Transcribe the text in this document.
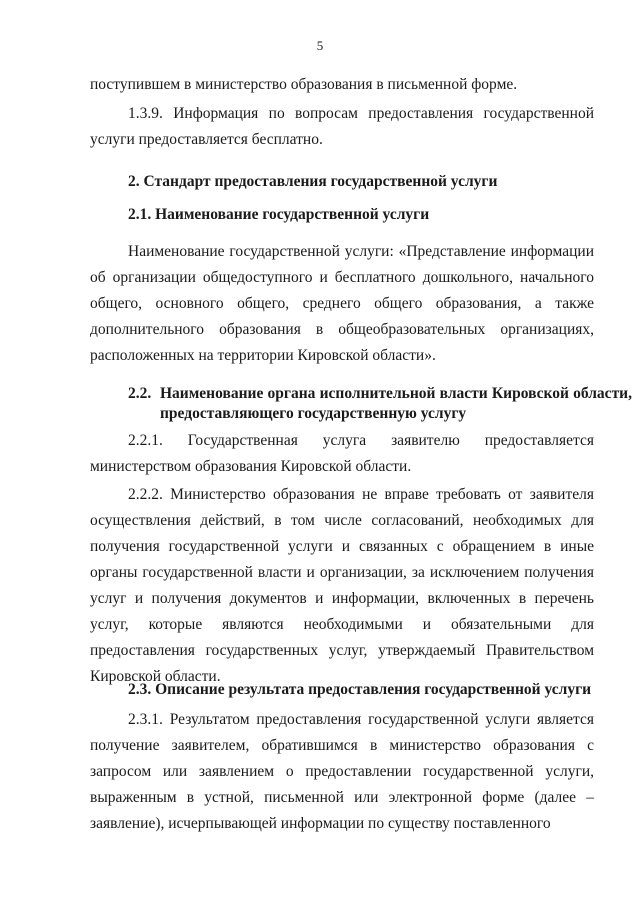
5

поступившем в министерство образования в письменной форме.

1.3.9. Информация по вопросам предоставления государственной услуги предоставляется бесплатно.

2. Стандарт предоставления государственной услуги

2.1. Наименование государственной услуги

Наименование государственной услуги: «Представление информации об организации общедоступного и бесплатного дошкольного, начального общего, основного общего, среднего общего образования, а также дополнительного образования в общеобразовательных организациях, расположенных на территории Кировской области».

2.2. Наименование органа исполнительной власти Кировской области, предоставляющего государственную услугу

2.2.1. Государственная услуга заявителю предоставляется министерством образования Кировской области.

2.2.2. Министерство образования не вправе требовать от заявителя осуществления действий, в том числе согласований, необходимых для получения государственной услуги и связанных с обращением в иные органы государственной власти и организации, за исключением получения услуг и получения документов и информации, включенных в перечень услуг, которые являются необходимыми и обязательными для предоставления государственных услуг, утверждаемый Правительством Кировской области.

2.3. Описание результата предоставления государственной услуги

2.3.1. Результатом предоставления государственной услуги является получение заявителем, обратившимся в министерство образования с запросом или заявлением о предоставлении государственной услуги, выраженным в устной, письменной или электронной форме (далее – заявление), исчерпывающей информации по существу поставленного
